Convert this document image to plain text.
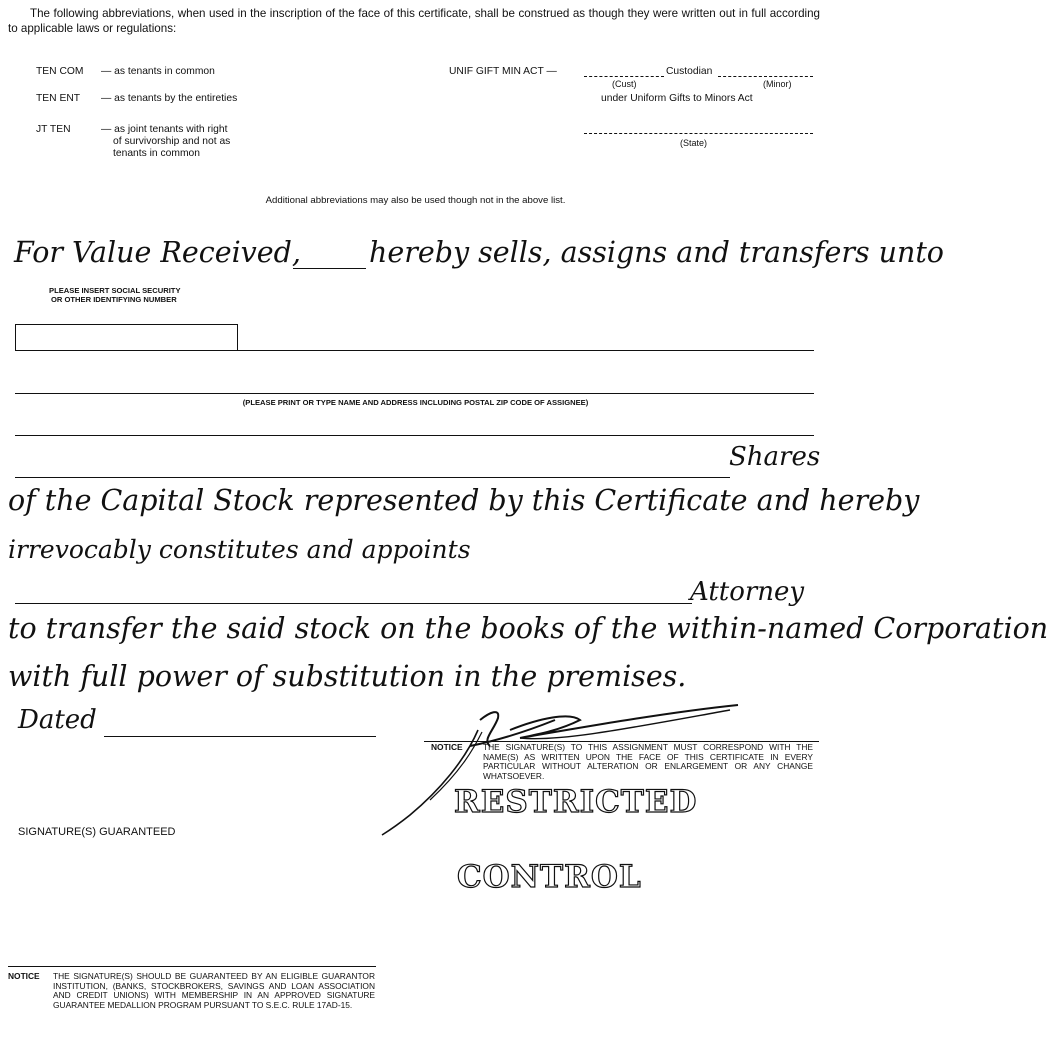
The following abbreviations, when used in the inscription of the face of this certificate, shall be construed as though they were written out in full according to applicable laws or regulations:
TEN COM — as tenants in common
TEN ENT — as tenants by the entireties
JT TEN	— as joint tenants with right
of survivorship and not as
tenants in common
UNIF GIFT MIN ACT —	Custodian
(Cust)	(Minor)
under Uniform Gifts to Minors Act
(State)
Additional abbreviations may also be used though not in the above list.
For Value Received, hereby sells, assigns and transfers unto
PLEASE INSERT SOCIAL SECURITY
OR OTHER IDENTIFYING NUMBER
(PLEASE PRINT OR TYPE NAME AND ADDRESS INCLUDING POSTAL ZIP CODE OF ASSIGNEE)
Shares
of the Capital Stock represented by this Certificate and hereby
irrevocably constitutes and appoints
Attorney
to transfer the said stock on the books of the within-named Corporation
with full power of substitution in the premises.
Dated
NOTICE THE SIGNATURE(S) TO THIS ASSIGNMENT MUST CORRESPOND WITH THE NAME(S) AS WRITTEN UPON THE FACE OF THIS CERTIFICATE IN EVERY PARTICULAR WITHOUT ALTERATION OR ENLARGEMENT OR ANY CHANGE WHATSOEVER.
RESTRICTED
CONTROL
SIGNATURE(S) GUARANTEED
NOTICE THE SIGNATURE(S) SHOULD BE GUARANTEED BY AN ELIGIBLE GUARANTOR INSTITUTION, (BANKS, STOCKBROKERS, SAVINGS AND LOAN ASSOCIATION AND CREDIT UNIONS) WITH MEMBERSHIP IN AN APPROVED SIGNATURE GUARANTEE MEDALLION PROGRAM PURSUANT TO S.E.C. RULE 17AD-15.
